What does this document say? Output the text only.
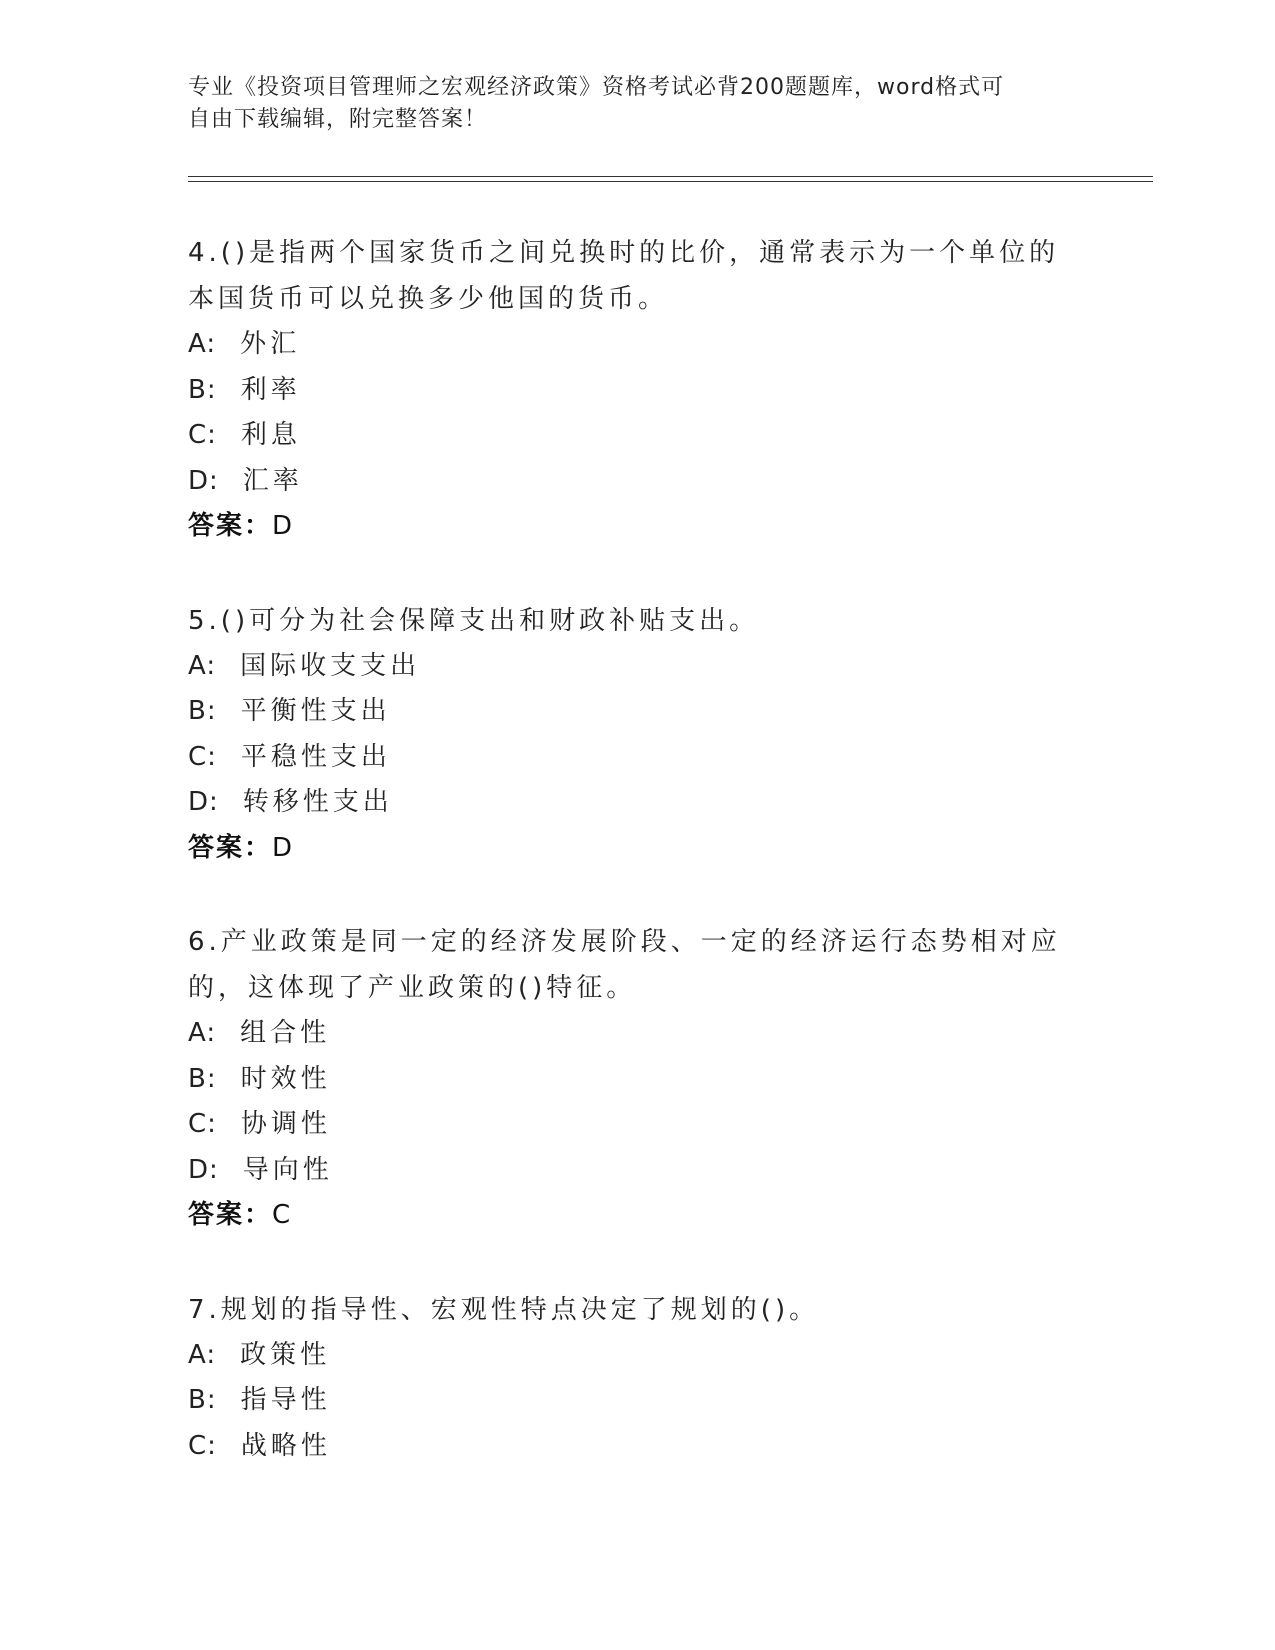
专业《投资项目管理师之宏观经济政策》资格考试必背200题题库，word格式可
自由下载编辑，附完整答案！

4.()是指两个国家货币之间兑换时的比价，通常表示为一个单位的本国货币可以兑换多少他国的货币。

A: 外汇
B: 利率
C: 利息
D: 汇率
答案：D

5.()可分为社会保障支出和财政补贴支出。

A: 国际收支支出
B: 平衡性支出
C: 平稳性支出
D: 转移性支出
答案：D

6.产业政策是同一定的经济发展阶段、一定的经济运行态势相对应的，这体现了产业政策的()特征。

A: 组合性
B: 时效性
C: 协调性
D: 导向性
答案：C

7.规划的指导性、宏观性特点决定了规划的()。

A: 政策性
B: 指导性
C: 战略性
